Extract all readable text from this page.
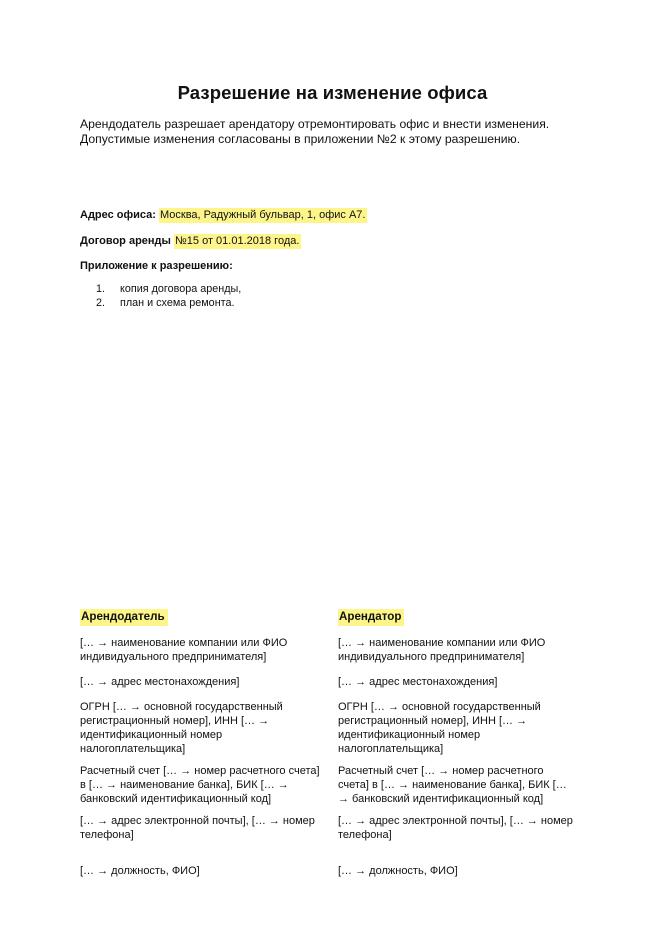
Разрешение на изменение офиса
Арендодатель разрешает арендатору отремонтировать офис и внести изменения.
Допустимые изменения согласованы в приложении №2 к этому разрешению.
Адрес офиса: Москва, Радужный бульвар, 1, офис А7.
Договор аренды №15 от 01.01.2018 года.
Приложение к разрешению:
1. копия договора аренды,
2. план и схема ремонта.
Арендодатель
[… → наименование компании или ФИО
индивидуального предпринимателя]
[… → адрес местонахождения]
ОГРН [… → основной государственный
регистрационный номер], ИНН [… →
идентификационный номер
налогоплательщика]
Расчетный счет [… → номер расчетного счета]
в [… → наименование банка], БИК [… →
банковский идентификационный код]
[… → адрес электронной почты], [… → номер
телефона]
[… → должность, ФИО]
Арендатор
[… → наименование компании или ФИО
индивидуального предпринимателя]
[… → адрес местонахождения]
ОГРН [… → основной государственный
регистрационный номер], ИНН [… →
идентификационный номер
налогоплательщика]
Расчетный счет [… → номер расчетного
счета] в [… → наименование банка], БИК […
→ банковский идентификационный код]
[… → адрес электронной почты], [… → номер
телефона]
[… → должность, ФИО]
